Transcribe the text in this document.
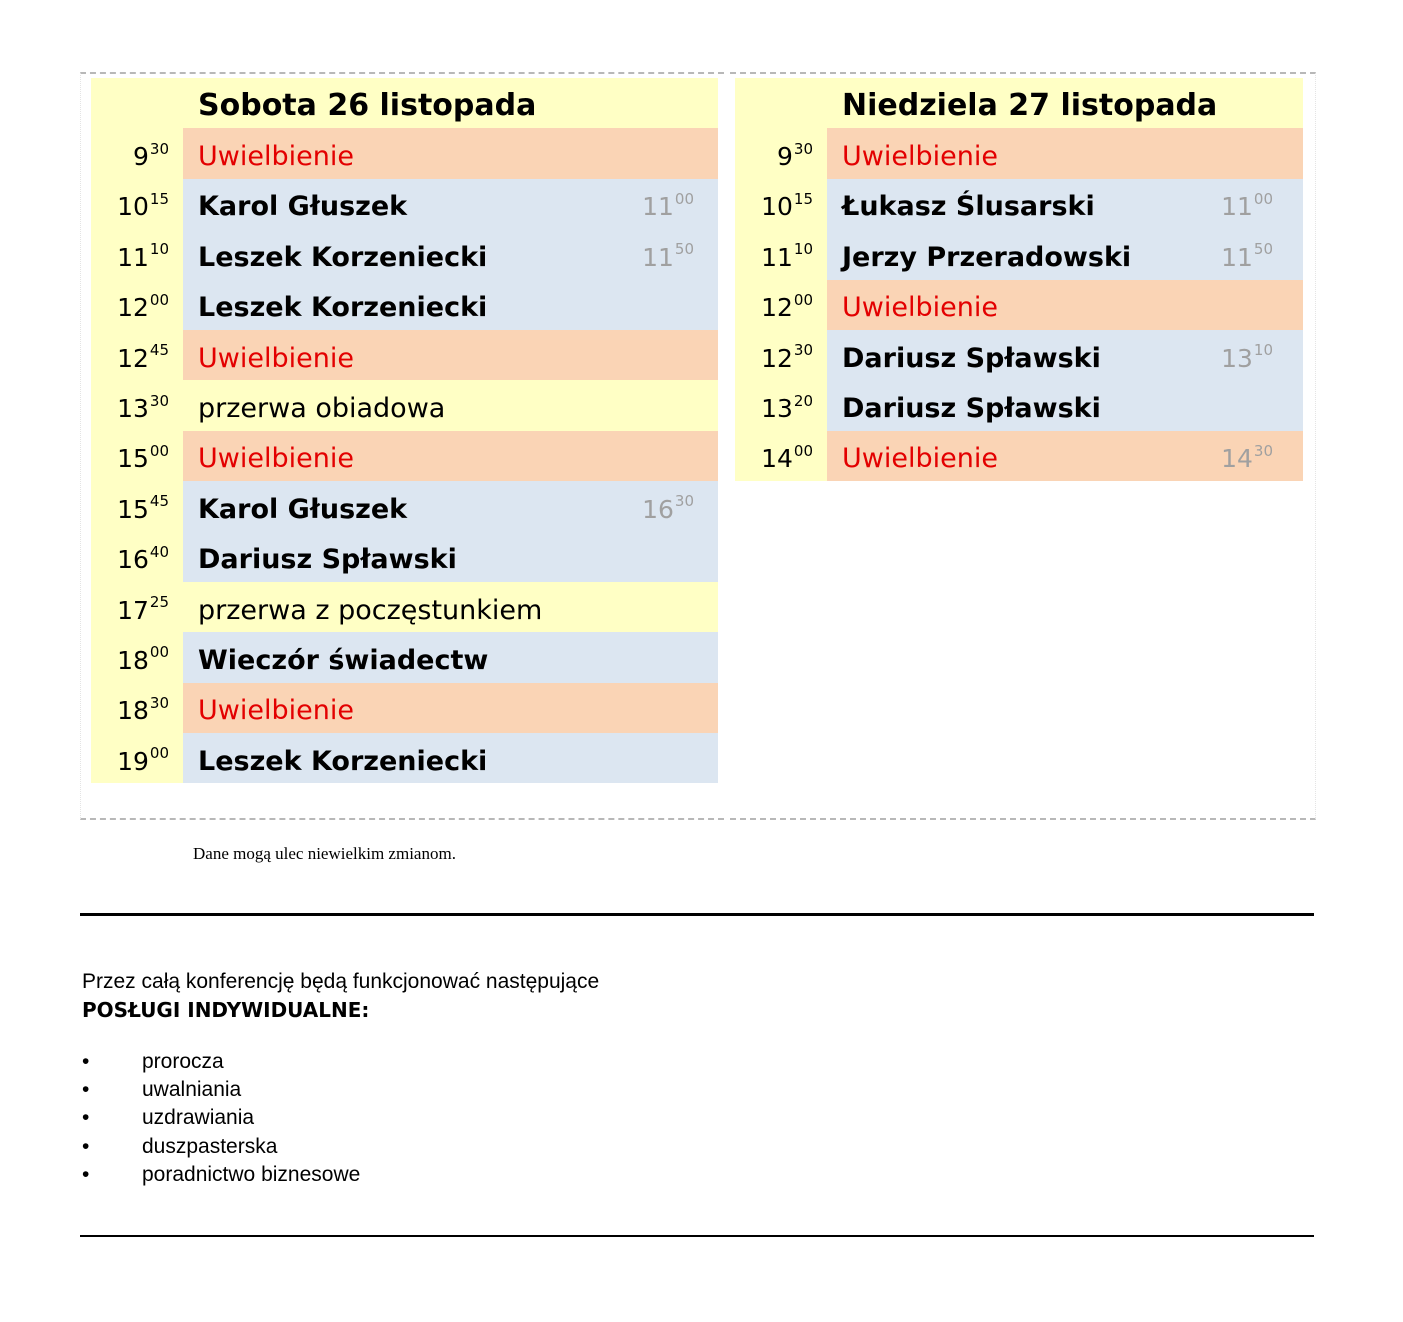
Sobota 26 listopada
$9^{30}$ Uwielbienie
$10^{15}$ Karol Głuszek	$11^{00}$
$11^{10}$ Leszek Korzeniecki	$11^{50}$
$12^{00}$ Leszek Korzeniecki
$12^{45}$ Uwielbienie
$13^{30}$ przerwa obiadowa
$15^{00}$ Uwielbienie
$15^{45}$ Karol Głuszek	$16^{30}$
$16^{40}$ Dariusz Spławski
$17^{25}$ przerwa z poczęstunkiem
$18^{00}$ Wieczór świadectw
$18^{30}$ Uwielbienie
$19^{00}$ Leszek Korzeniecki
Niedziela 27 listopada
$9^{30}$ Uwielbienie
$10^{15}$ Łukasz Ślusarski	$11^{00}$
$11^{10}$ Jerzy Przeradowski	$11^{50}$
$12^{00}$ Uwielbienie
$12^{30}$ Dariusz Spławski	$13^{10}$
$13^{20}$ Dariusz Spławski
$14^{00}$ Uwielbienie	$14^{30}$
Dane mogą ulec niewielkim zmianom.
Przez całą konferencję będą funkcjonować następujące
POSŁUGI INDYWIDUALNE:
•	prorocza
•	uwalniania
•	uzdrawiania
•	duszpasterska
•	poradnictwo biznesowe
